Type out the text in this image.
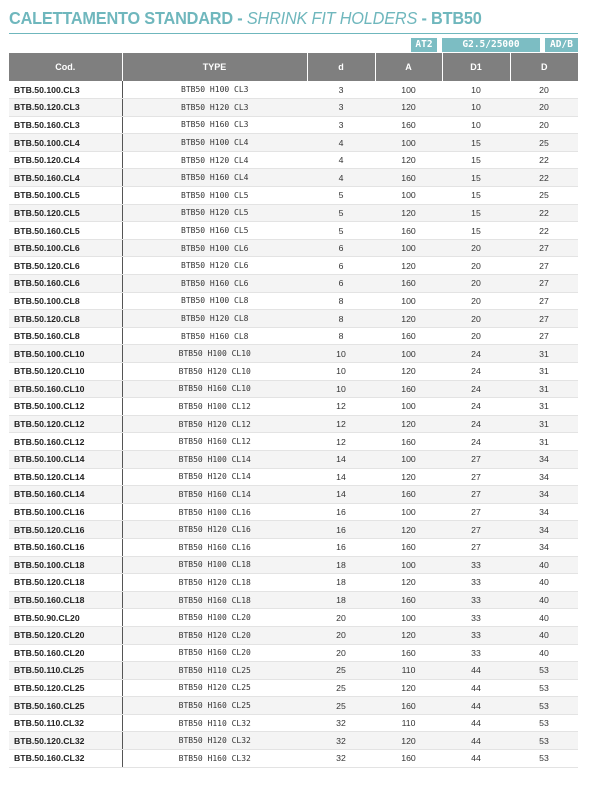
CALETTAMENTO STANDARD - SHRINK FIT HOLDERS - BTB50
AT2	G2.5/25000	AD/B
Cod.	TYPE	d	A	D1	D
BTB.50.100.CL3	BTB50 H100 CL3	3	100	10	20
BTB.50.120.CL3	BTB50 H120 CL3	3	120	10	20
BTB.50.160.CL3	BTB50 H160 CL3	3	160	10	20
BTB.50.100.CL4	BTB50 H100 CL4	4	100	15	25
BTB.50.120.CL4	BTB50 H120 CL4	4	120	15	22
BTB.50.160.CL4	BTB50 H160 CL4	4	160	15	22
BTB.50.100.CL5	BTB50 H100 CL5	5	100	15	25
BTB.50.120.CL5	BTB50 H120 CL5	5	120	15	22
BTB.50.160.CL5	BTB50 H160 CL5	5	160	15	22
BTB.50.100.CL6	BTB50 H100 CL6	6	100	20	27
BTB.50.120.CL6	BTB50 H120 CL6	6	120	20	27
BTB.50.160.CL6	BTB50 H160 CL6	6	160	20	27
BTB.50.100.CL8	BTB50 H100 CL8	8	100	20	27
BTB.50.120.CL8	BTB50 H120 CL8	8	120	20	27
BTB.50.160.CL8	BTB50 H160 CL8	8	160	20	27
BTB.50.100.CL10	BTB50 H100 CL10	10	100	24	31
BTB.50.120.CL10	BTB50 H120 CL10	10	120	24	31
BTB.50.160.CL10	BTB50 H160 CL10	10	160	24	31
BTB.50.100.CL12	BTB50 H100 CL12	12	100	24	31
BTB.50.120.CL12	BTB50 H120 CL12	12	120	24	31
BTB.50.160.CL12	BTB50 H160 CL12	12	160	24	31
BTB.50.100.CL14	BTB50 H100 CL14	14	100	27	34
BTB.50.120.CL14	BTB50 H120 CL14	14	120	27	34
BTB.50.160.CL14	BTB50 H160 CL14	14	160	27	34
BTB.50.100.CL16	BTB50 H100 CL16	16	100	27	34
BTB.50.120.CL16	BTB50 H120 CL16	16	120	27	34
BTB.50.160.CL16	BTB50 H160 CL16	16	160	27	34
BTB.50.100.CL18	BTB50 H100 CL18	18	100	33	40
BTB.50.120.CL18	BTB50 H120 CL18	18	120	33	40
BTB.50.160.CL18	BTB50 H160 CL18	18	160	33	40
BTB.50.90.CL20	BTB50 H100 CL20	20	100	33	40
BTB.50.120.CL20	BTB50 H120 CL20	20	120	33	40
BTB.50.160.CL20	BTB50 H160 CL20	20	160	33	40
BTB.50.110.CL25	BTB50 H110 CL25	25	110	44	53
BTB.50.120.CL25	BTB50 H120 CL25	25	120	44	53
BTB.50.160.CL25	BTB50 H160 CL25	25	160	44	53
BTB.50.110.CL32	BTB50 H110 CL32	32	110	44	53
BTB.50.120.CL32	BTB50 H120 CL32	32	120	44	53
BTB.50.160.CL32	BTB50 H160 CL32	32	160	44	53
